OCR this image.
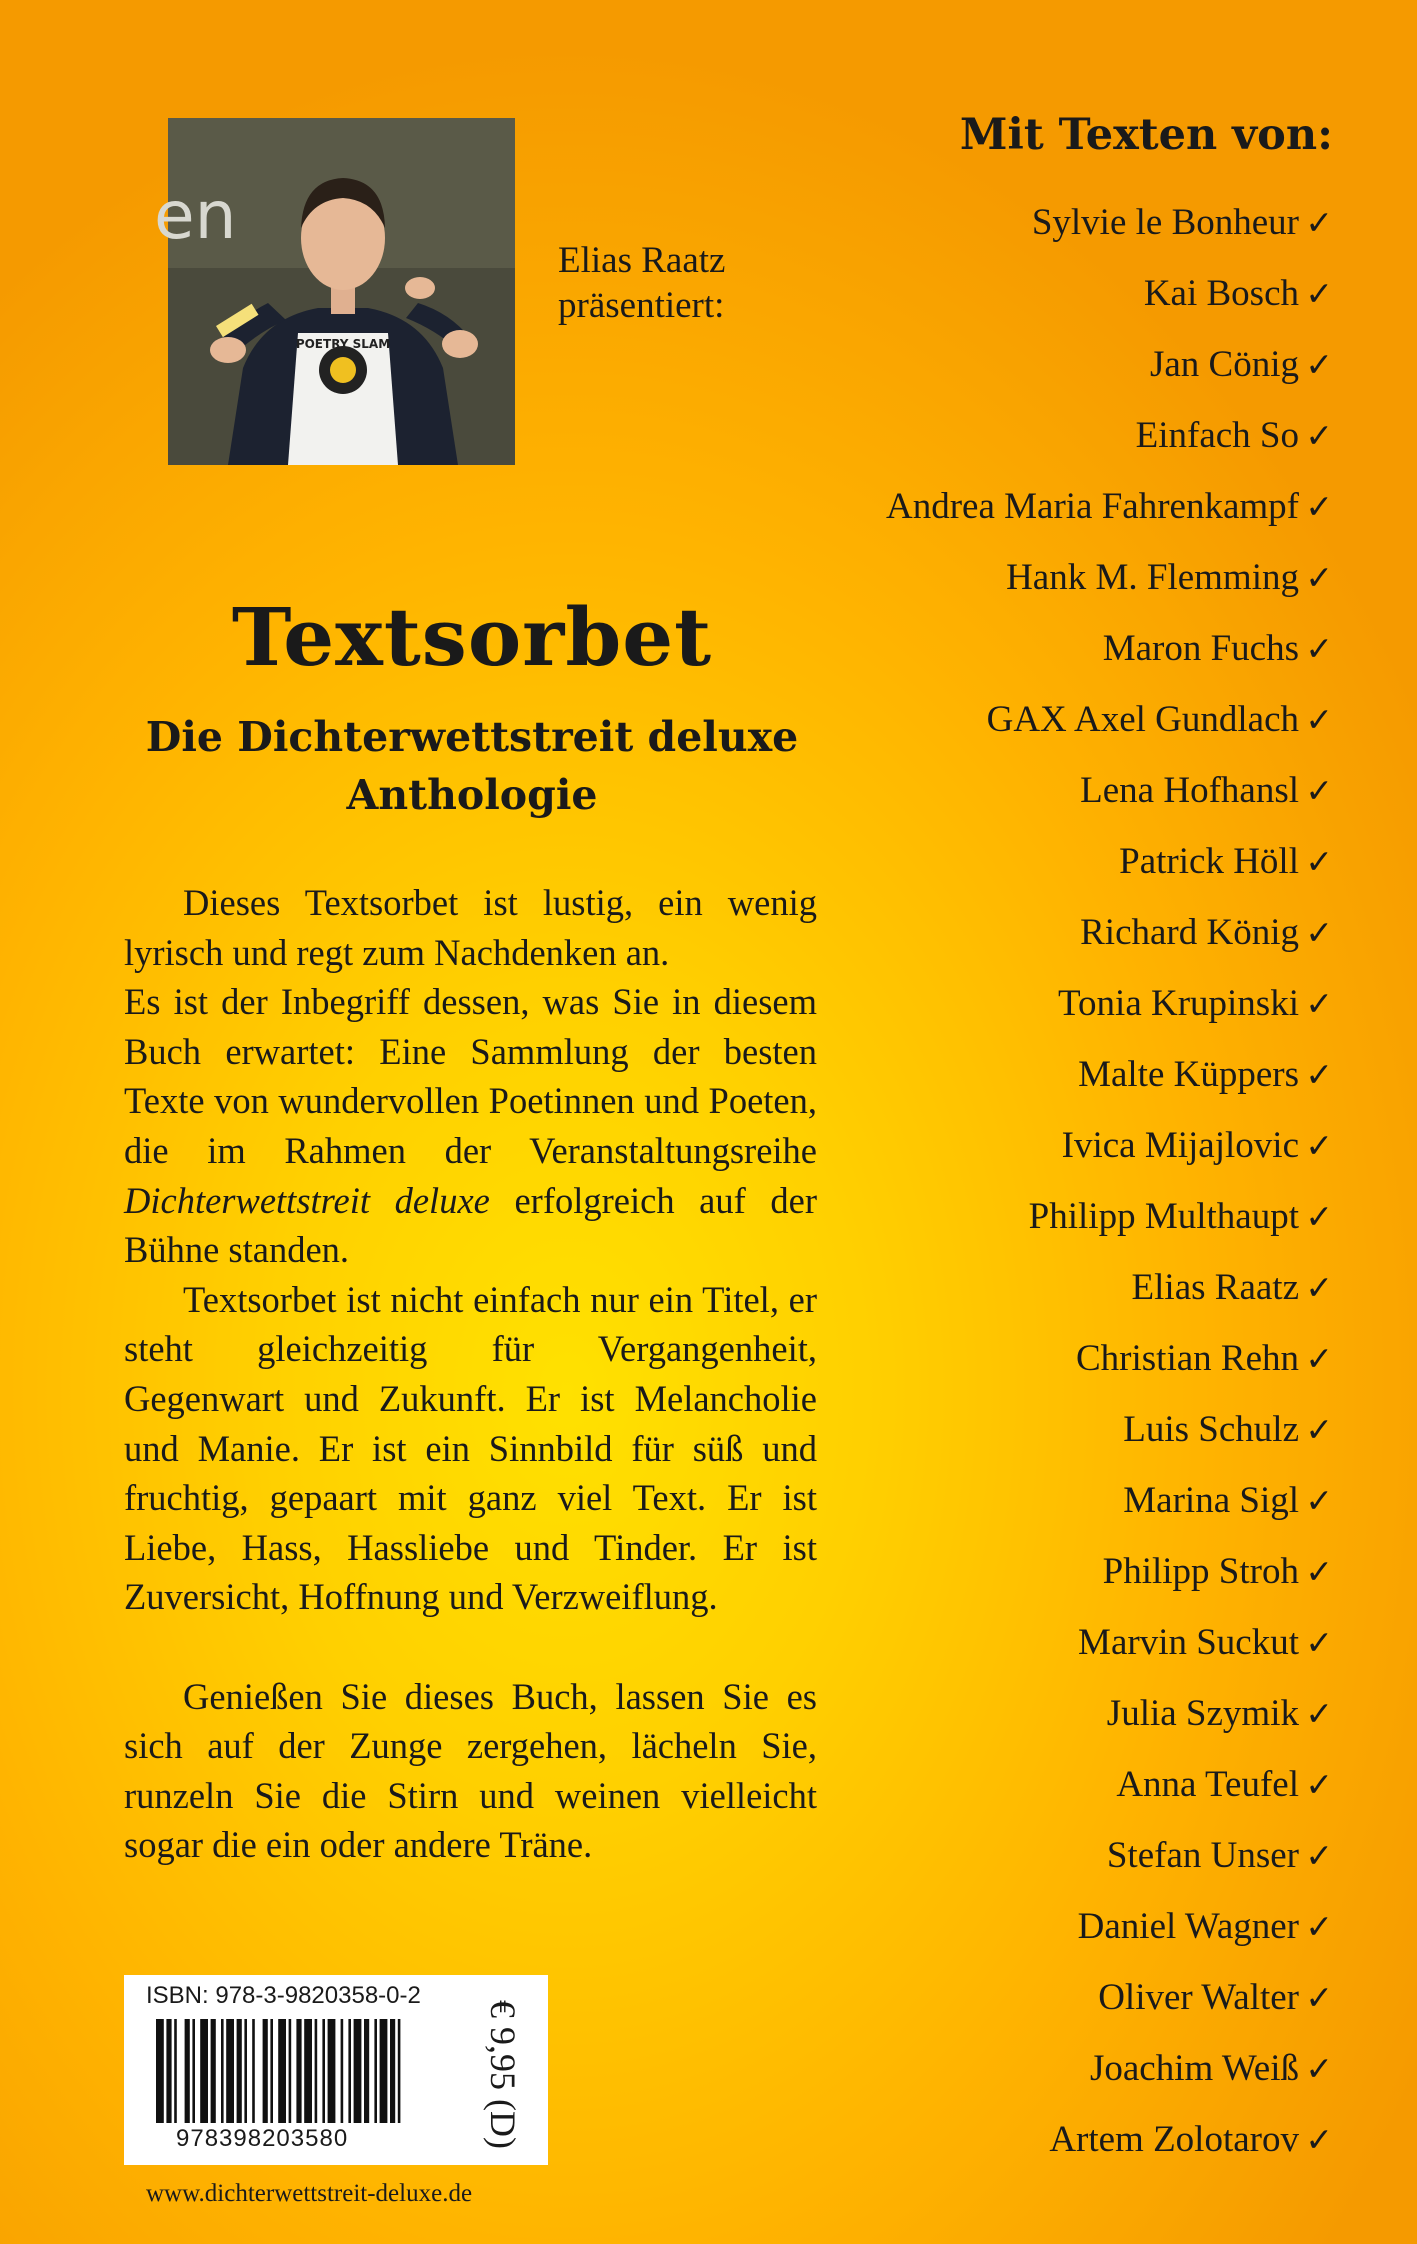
en
POETRY SLAM
Elias Raatz
präsentiert:
Textsorbet
Die Dichterwettstreit deluxe
Anthologie

Dieses Textsorbet ist lustig, ein wenig lyrisch und regt zum Nachdenken an.

Es ist der Inbegriff dessen, was Sie in diesem Buch erwartet: Eine Sammlung der besten Texte von wundervollen Poetinnen und Poeten, die im Rahmen der Veranstaltungsreihe Dichterwettstreit deluxe erfolgreich auf der Bühne standen.

Textsorbet ist nicht einfach nur ein Titel, er steht gleichzeitig für Vergangenheit, Gegenwart und Zukunft. Er ist Melancholie und Manie. Er ist ein Sinnbild für süß und fruchtig, gepaart mit ganz viel Text. Er ist Liebe, Hass, Hassliebe und Tinder. Er ist Zuversicht, Hoffnung und Verzweiflung.

Genießen Sie dieses Buch, lassen Sie es sich auf der Zunge zergehen, lächeln Sie, runzeln Sie die Stirn und weinen vielleicht sogar die ein oder andere Träne.

Mit Texten von:
Sylvie le Bonheur ✓
Kai Bosch ✓
Jan Cönig ✓
Einfach So ✓
Andrea Maria Fahrenkampf ✓
Hank M. Flemming ✓
Maron Fuchs ✓
GAX Axel Gundlach ✓
Lena Hofhansl ✓
Patrick Höll ✓
Richard König ✓
Tonia Krupinski ✓
Malte Küppers ✓
Ivica Mijajlovic ✓
Philipp Multhaupt ✓
Elias Raatz ✓
Christian Rehn ✓
Luis Schulz ✓
Marina Sigl ✓
Philipp Stroh ✓
Marvin Suckut ✓
Julia Szymik ✓
Anna Teufel ✓
Stefan Unser ✓
Daniel Wagner ✓
Oliver Walter ✓
Joachim Weiß ✓
Artem Zolotarov ✓
ISBN: 978-3-9820358-0-2
978398203580	€ 9,95 (D)
www.dichterwettstreit-deluxe.de
